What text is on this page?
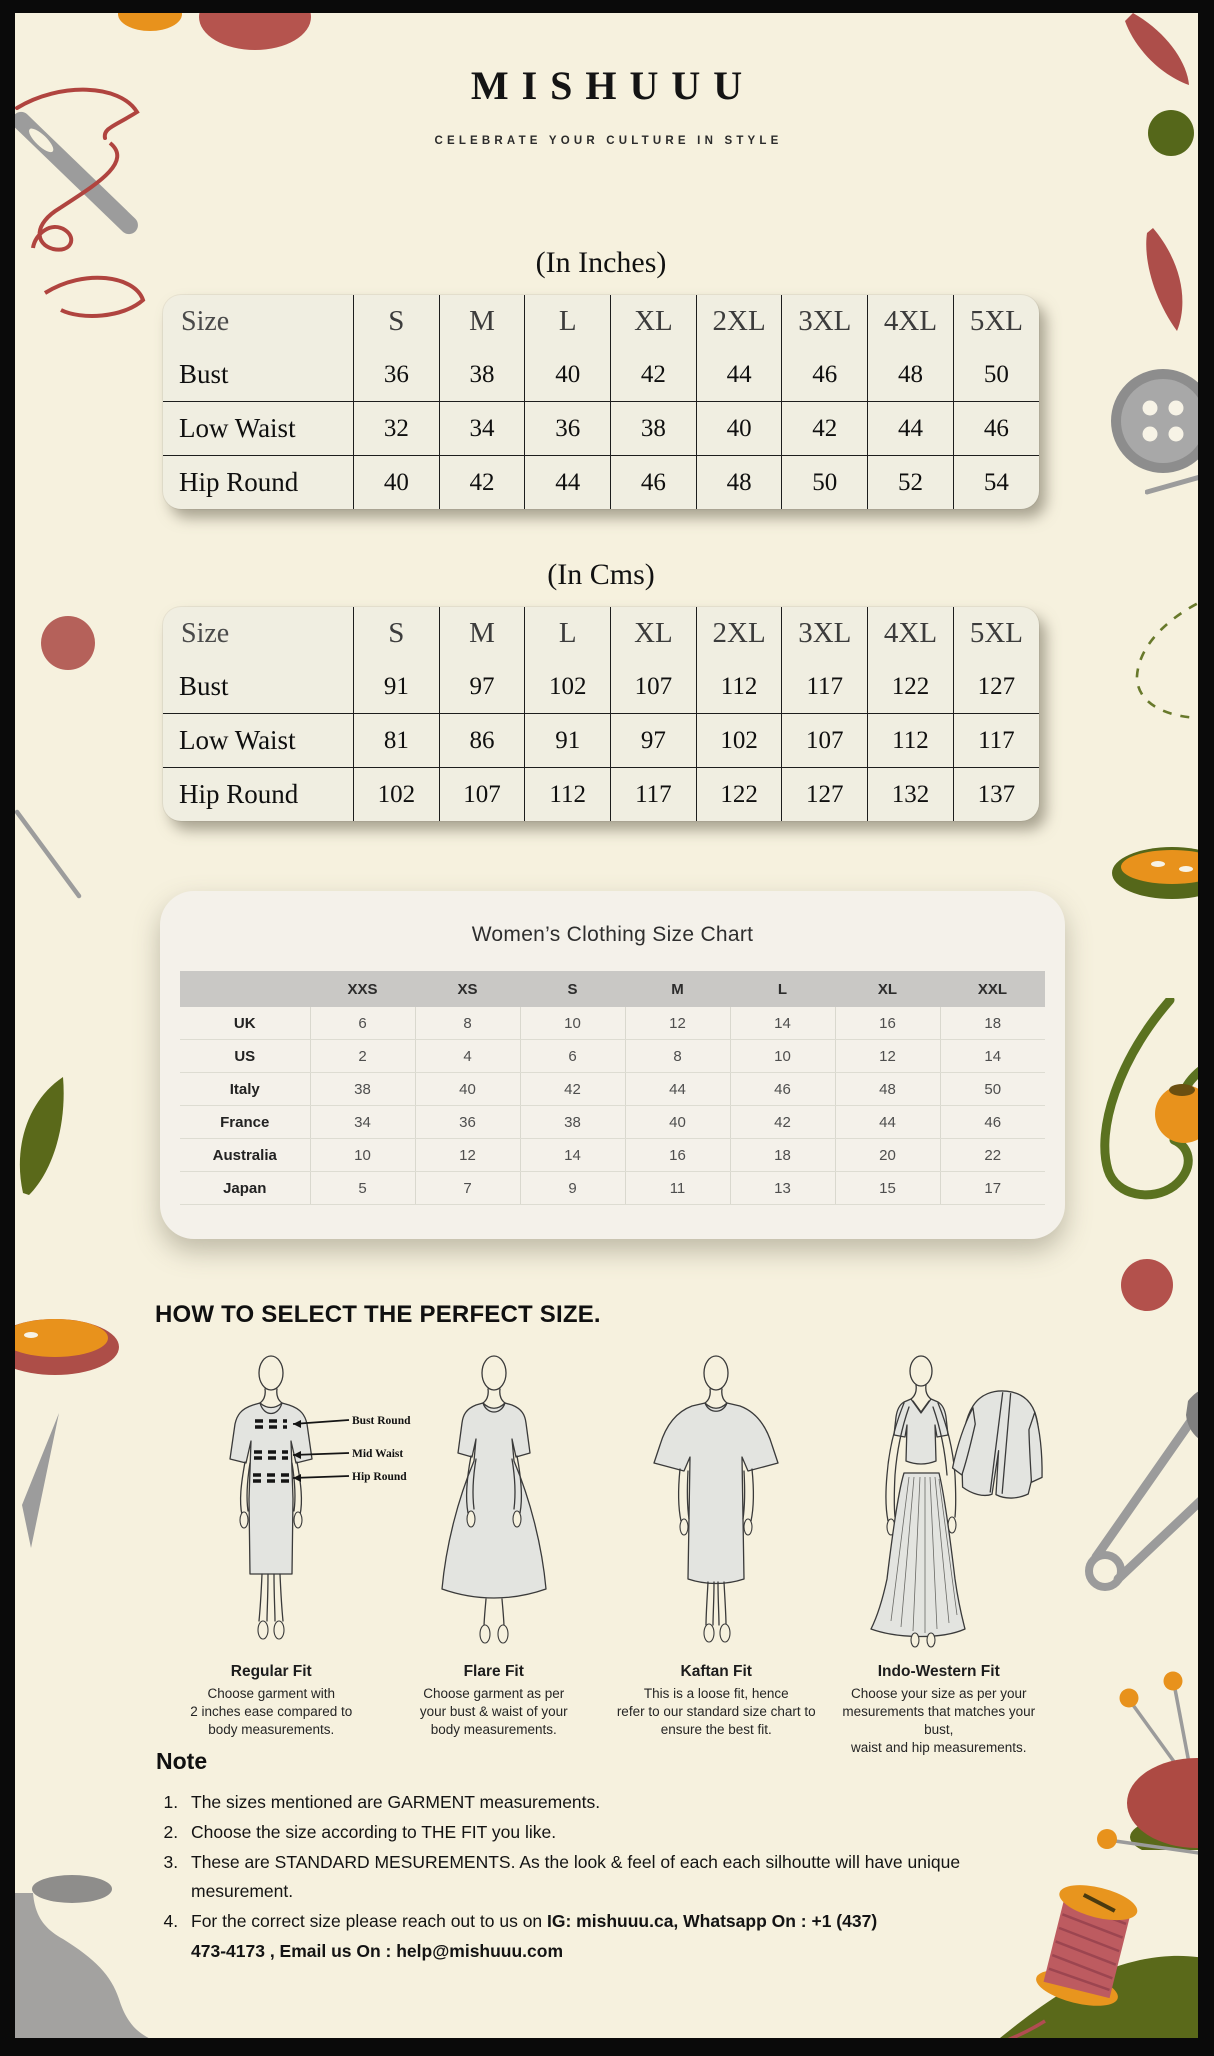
MISHUUU
CELEBRATE YOUR CULTURE IN STYLE
(In Inches)
Size	S	M	L	XL	2XL	3XL	4XL	5XL
Bust	36	38	40	42	44	46	48	50
Low Waist	32	34	36	38	40	42	44	46
Hip Round	40	42	44	46	48	50	52	54
(In Cms)
Size	S	M	L	XL	2XL	3XL	4XL	5XL
Bust	91	97	102	107	112	117	122	127
Low Waist	81	86	91	97	102	107	112	117
Hip Round	102	107	112	117	122	127	132	137
Women’s Clothing Size Chart
	XXS	XS	S	M	L	XL	XXL
UK	6	8	10	12	14	16	18
US	2	4	6	8	10	12	14
Italy	38	40	42	44	46	48	50
France	34	36	38	40	42	44	46
Australia	10	12	14	16	18	20	22
Japan	5	7	9	11	13	15	17
HOW TO SELECT THE PERFECT SIZE.
Bust Round
Mid Waist
Hip Round
Regular Fit
Choose garment with
2 inches ease compared to
body measurements.
Flare Fit
Choose garment as per
your bust & waist of your
body measurements.
Kaftan Fit
This is a loose fit, hence
refer to our standard size chart to
ensure the best fit.
Indo-Western Fit
Choose your size as per your
mesurements that matches your bust,
waist and hip measurements.
Note
1. The sizes mentioned are GARMENT measurements.
2. Choose the size according to THE FIT you like.
3. These are STANDARD MESUREMENTS. As the look & feel of each each silhoutte will have unique mesurement.
4. For the correct size please reach out to us on IG: mishuuu.ca, Whatsapp On : +1 (437)
473-4173 , Email us On : help@mishuuu.com
